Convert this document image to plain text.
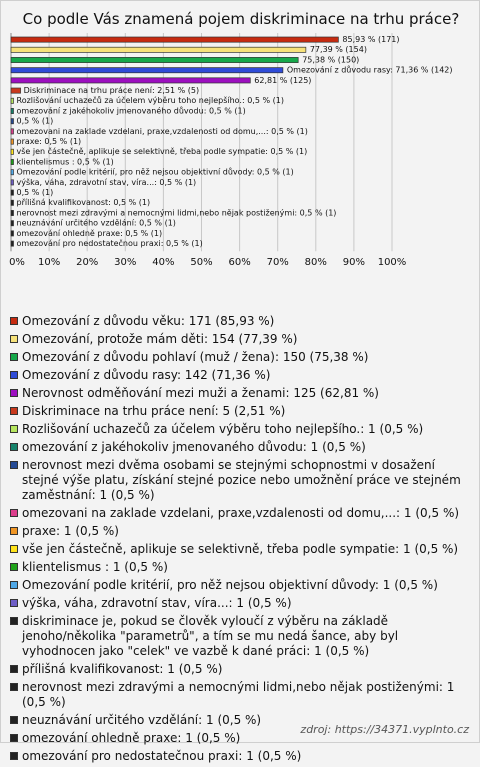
Co podle Vás znamená pojem diskriminace na trhu práce?
0% 10% 20% 30% 40% 50% 60% 70% 80% 90% 100%
85,93 % (171)
77,39 % (154)
75,38 % (150)
Omezování z důvodu rasy: 71,36 % (142)
62,81 % (125)
Diskriminace na trhu práce není: 2,51 % (5)
Rozlišování uchazečů za účelem výběru toho nejlepšího.: 0,5 % (1)
omezování z jakéhokoliv jmenovaného důvodu: 0,5 % (1)
0,5 % (1)
omezovani na zaklade vzdelani, praxe,vzdalenosti od domu,...: 0,5 % (1)
praxe: 0,5 % (1)
vše jen částečně, aplikuje se selektivně, třeba podle sympatie: 0,5 % (1)
klientelismus : 0,5 % (1)
Omezování podle kritérií, pro něž nejsou objektivní důvody: 0,5 % (1)
výška, váha, zdravotní stav, víra...: 0,5 % (1)
0,5 % (1)
přílišná kvalifikovanost: 0,5 % (1)
nerovnost mezi zdravými a nemocnými lidmi,nebo nějak postiženými: 0,5 % (1)
neuznávání určitého vzdělání: 0,5 % (1)
omezování ohledně praxe: 0,5 % (1)
omezování pro nedostatečnou praxi: 0,5 % (1)
Omezování z důvodu věku: 171 (85,93 %)
Omezování, protože mám děti: 154 (77,39 %)
Omezování z důvodu pohlaví (muž / žena): 150 (75,38 %)
Omezování z důvodu rasy: 142 (71,36 %)
Nerovnost odměňování mezi muži a ženami: 125 (62,81 %)
Diskriminace na trhu práce není: 5 (2,51 %)
Rozlišování uchazečů za účelem výběru toho nejlepšího.: 1 (0,5 %)
omezování z jakéhokoliv jmenovaného důvodu: 1 (0,5 %)
nerovnost mezi dvěma osobami se stejnými schopnostmi v dosažení stejné výše platu, získání stejné pozice nebo umožnění práce ve stejném zaměstnání: 1 (0,5 %)
omezovani na zaklade vzdelani, praxe,vzdalenosti od domu,...: 1 (0,5 %)
praxe: 1 (0,5 %)
vše jen částečně, aplikuje se selektivně, třeba podle sympatie: 1 (0,5 %)
klientelismus : 1 (0,5 %)
Omezování podle kritérií, pro něž nejsou objektivní důvody: 1 (0,5 %)
výška, váha, zdravotní stav, víra...: 1 (0,5 %)
diskriminace je, pokud se člověk vyloučí z výběru na základě jenoho/několika "parametrů", a tím se mu nedá šance, aby byl vyhodnocen jako "celek" ve vazbě k dané práci: 1 (0,5 %)
přílišná kvalifikovanost: 1 (0,5 %)
nerovnost mezi zdravými a nemocnými lidmi,nebo nějak postiženými: 1 (0,5 %)
neuznávání určitého vzdělání: 1 (0,5 %)
omezování ohledně praxe: 1 (0,5 %)
omezování pro nedostatečnou praxi: 1 (0,5 %)
zdroj: https://34371.vyplnto.cz
